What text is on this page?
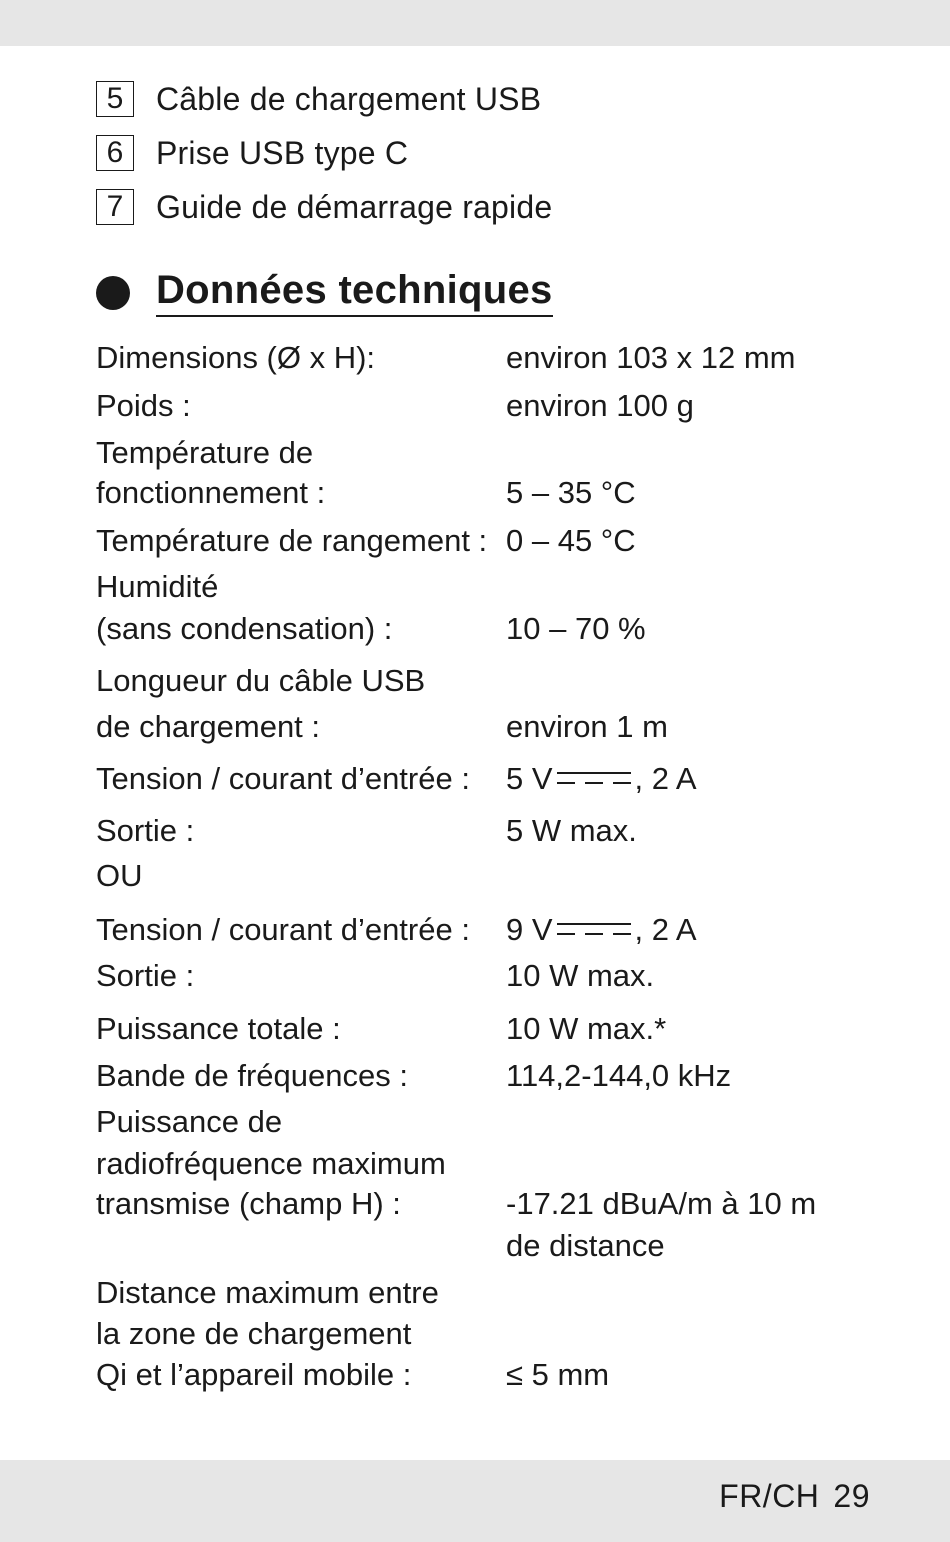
5	Câble de chargement USB
6	Prise USB type C
7	Guide de démarrage rapide
Données techniques
Dimensions (Ø x H):	environ 103 x 12 mm
Poids :	environ 100 g
Température de
fonctionnement :	5 – 35 °C
Température de rangement : 0 – 45 °C
Humidité
(sans condensation) :	10 – 70 %
Longueur du câble USB
de chargement :	environ 1 m
Tension / courant d’entrée :	5 V	, 2 A
Sortie :	5 W max.
OU
Tension / courant d’entrée :	9 V	, 2 A
Sortie :	10 W max.
Puissance totale :	10 W max.*
Bande de fréquences :	114,2-144,0 kHz
Puissance de
radiofréquence maximum
transmise (champ H) :	-17.21 dBuA/m à 10 m
de distance
Distance maximum entre
la zone de chargement
Qi et l’appareil mobile :	≤ 5 mm
FR/CH 29
